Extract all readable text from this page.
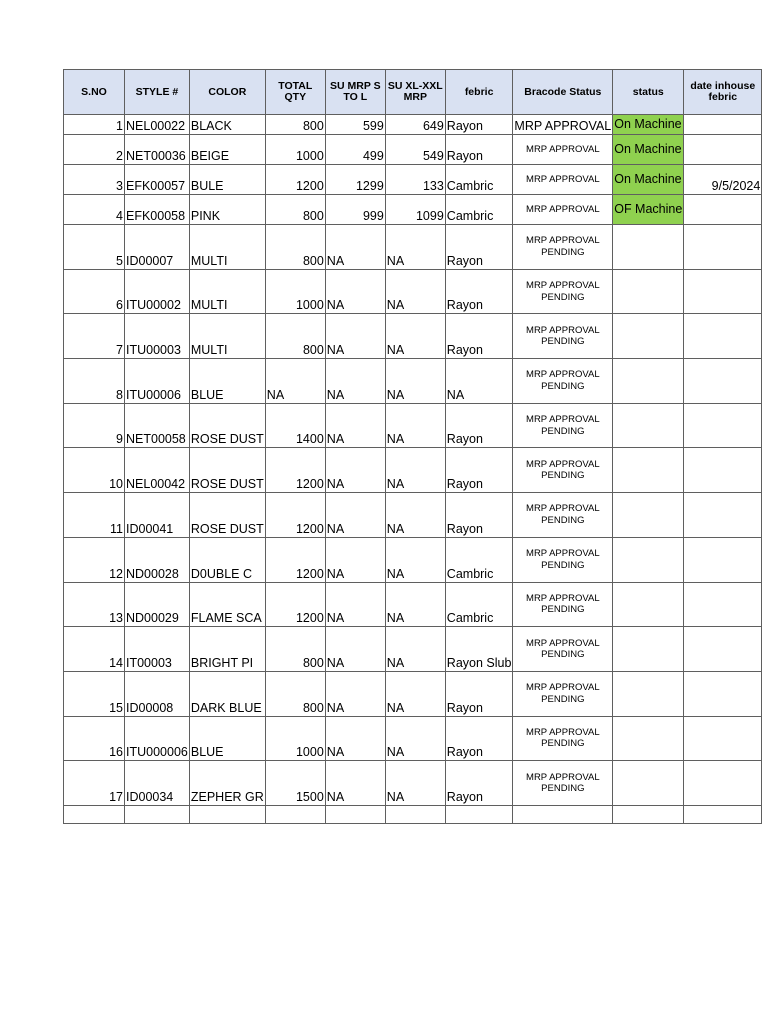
S.NO	STYLE #	COLOR	TOTAL QTY	SU MRP S TO L	SU XL-XXL MRP	febric	Bracode Status	status	date inhouse febric
1	NEL00022	BLACK	800	599	649	Rayon	MRP APPROVAL	On Machine	
2	NET00036	BEIGE	1000	499	549	Rayon	MRP APPROVAL	On Machine	
3	EFK00057	BULE	1200	1299	133	Cambric	MRP APPROVAL	On Machine	9/5/2024
4	EFK00058	PINK	800	999	1099	Cambric	MRP APPROVAL	OF Machine	
5	ID00007	MULTI	800	NA	NA	Rayon	MRP APPROVAL PENDING		
6	ITU00002	MULTI	1000	NA	NA	Rayon	MRP APPROVAL PENDING		
7	ITU00003	MULTI	800	NA	NA	Rayon	MRP APPROVAL PENDING		
8	ITU00006	BLUE	NA	NA	NA	NA	MRP APPROVAL PENDING		
9	NET00058	ROSE DUST	1400	NA	NA	Rayon	MRP APPROVAL PENDING		
10	NEL00042	ROSE DUST	1200	NA	NA	Rayon	MRP APPROVAL PENDING		
11	ID00041	ROSE DUST	1200	NA	NA	Rayon	MRP APPROVAL PENDING		
12	ND00028	D0UBLE C	1200	NA	NA	Cambric	MRP APPROVAL PENDING		
13	ND00029	FLAME SCA	1200	NA	NA	Cambric	MRP APPROVAL PENDING		
14	IT00003	BRIGHT PI	800	NA	NA	Rayon Slub	MRP APPROVAL PENDING		
15	ID00008	DARK BLUE	800	NA	NA	Rayon	MRP APPROVAL PENDING		
16	ITU000006	BLUE	1000	NA	NA	Rayon	MRP APPROVAL PENDING		
17	ID00034	ZEPHER GR	1500	NA	NA	Rayon	MRP APPROVAL PENDING		
